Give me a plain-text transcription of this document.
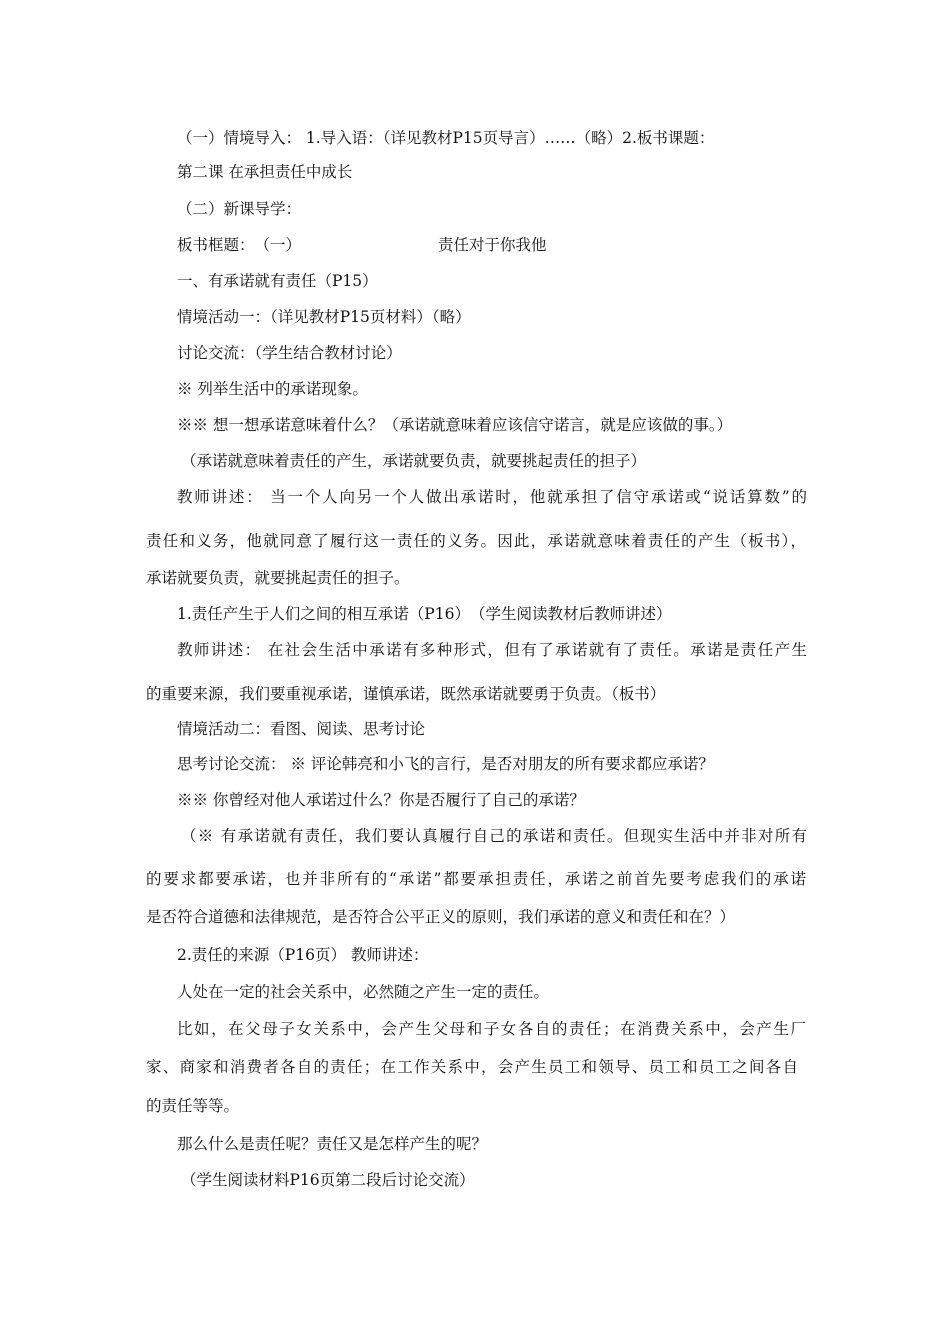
（一）情境导入： 1.导入语：（详见教材P15页导言）……（略）2.板书课题：
第二课 在承担责任中成长
（二）新课导学：
板书框题：　（一）	责任对于你我他
一、有承诺就有责任（P15）
情境活动一：（详见教材P15页材料）（略）
讨论交流：（学生结合教材讨论）
※ 列举生活中的承诺现象。
※※ 想一想承诺意味着什么？（承诺就意味着应该信守诺言，就是应该做的事。）
（承诺就意味着责任的产生，承诺就要负责，就要挑起责任的担子）
教师讲述： 当一个人向另一个人做出承诺时，他就承担了信守承诺或“说话算数”的
责任和义务，他就同意了履行这一责任的义务。因此，承诺就意味着责任的产生（板书），
承诺就要负责，就要挑起责任的担子。
1.责任产生于人们之间的相互承诺（P16）　（学生阅读教材后教师讲述）
教师讲述： 在社会生活中承诺有多种形式，但有了承诺就有了责任。承诺是责任产生
的重要来源，我们要重视承诺，谨慎承诺，既然承诺就要勇于负责。（板书）
情境活动二：看图、阅读、思考讨论
思考讨论交流： ※ 评论韩亮和小飞的言行，是否对朋友的所有要求都应承诺？
※※ 你曾经对他人承诺过什么？你是否履行了自己的承诺？
（※ 有承诺就有责任，我们要认真履行自己的承诺和责任。但现实生活中并非对所有
的要求都要承诺，也并非所有的“承诺”都要承担责任，承诺之前首先要考虑我们的承诺
是否符合道德和法律规范，是否符合公平正义的原则，我们承诺的意义和责任和在？）
2.责任的来源（P16页） 教师讲述：
人处在一定的社会关系中，必然随之产生一定的责任。
比如，在父母子女关系中，会产生父母和子女各自的责任；在消费关系中，会产生厂
家、商家和消费者各自的责任；在工作关系中，会产生员工和领导、员工和员工之间各自
的责任等等。
那么什么是责任呢？责任又是怎样产生的呢？
（学生阅读材料P16页第二段后讨论交流）
